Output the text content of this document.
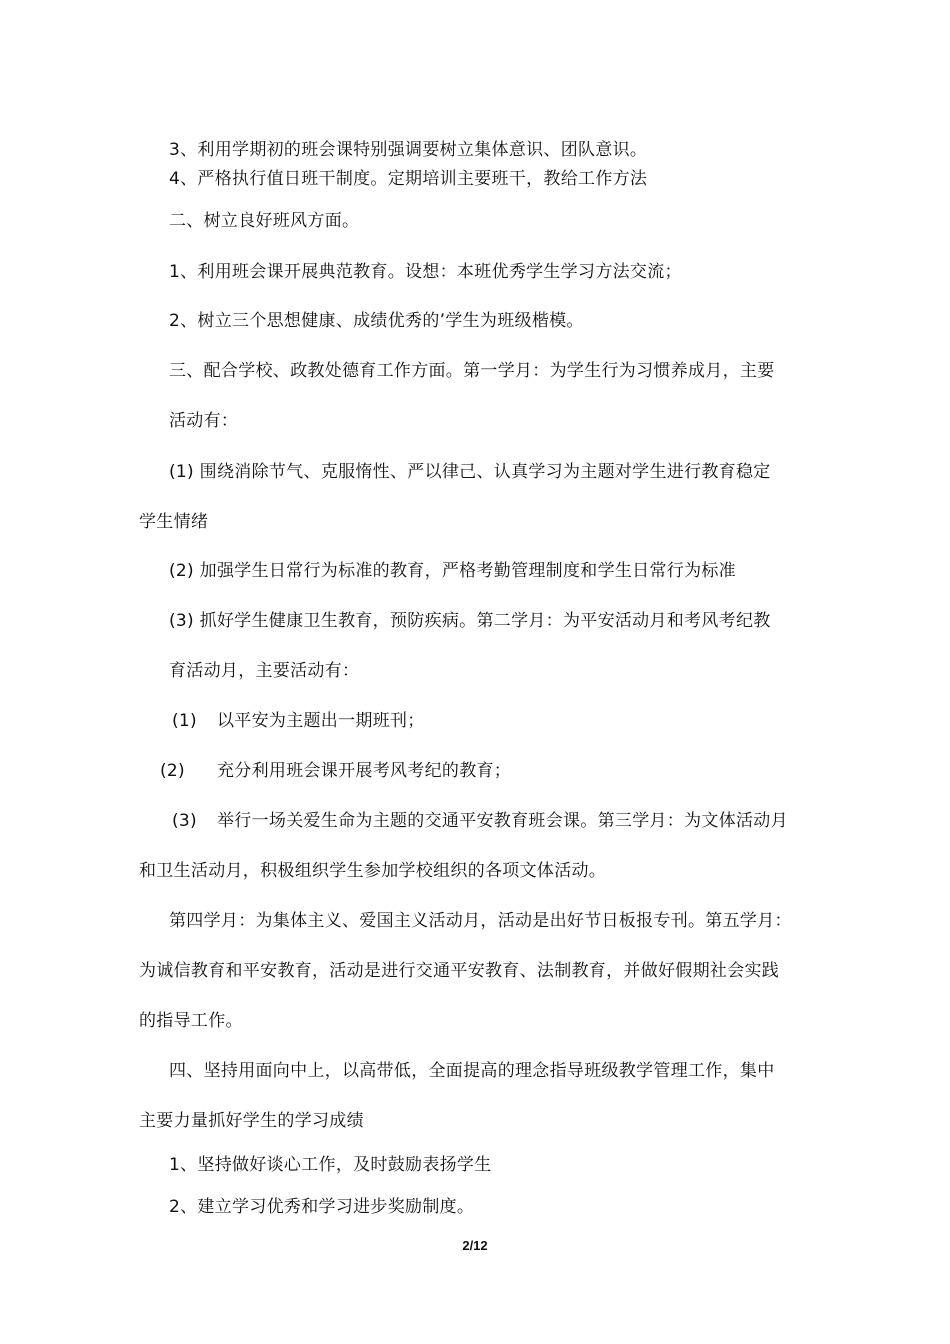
3、利用学期初的班会课特别强调要树立集体意识、团队意识。
4、严格执行值日班干制度。定期培训主要班干，教给工作方法
二、树立良好班风方面。
1、利用班会课开展典范教育。设想：本班优秀学生学习方法交流；
2、树立三个思想健康、成绩优秀的’学生为班级楷模。
三、配合学校、政教处德育工作方面。第一学月：为学生行为习惯养成月，主要
活动有：
(1) 围绕消除节气、克服惰性、严以律己、认真学习为主题对学生进行教育稳定
学生情绪
(2) 加强学生日常行为标准的教育，严格考勤管理制度和学生日常行为标准
(3) 抓好学生健康卫生教育，预防疾病。第二学月：为平安活动月和考风考纪教
育活动月，主要活动有：
(1) 以平安为主题出一期班刊；
(2) 充分利用班会课开展考风考纪的教育；
(3) 举行一场关爱生命为主题的交通平安教育班会课。第三学月：为文体活动月
和卫生活动月，积极组织学生参加学校组织的各项文体活动。
第四学月：为集体主义、爱国主义活动月，活动是出好节日板报专刊。第五学月：
为诚信教育和平安教育，活动是进行交通平安教育、法制教育，并做好假期社会实践
的指导工作。
四、坚持用面向中上，以高带低，全面提高的理念指导班级教学管理工作，集中
主要力量抓好学生的学习成绩
1、坚持做好谈心工作，及时鼓励表扬学生
2、建立学习优秀和学习进步奖励制度。
2/12
